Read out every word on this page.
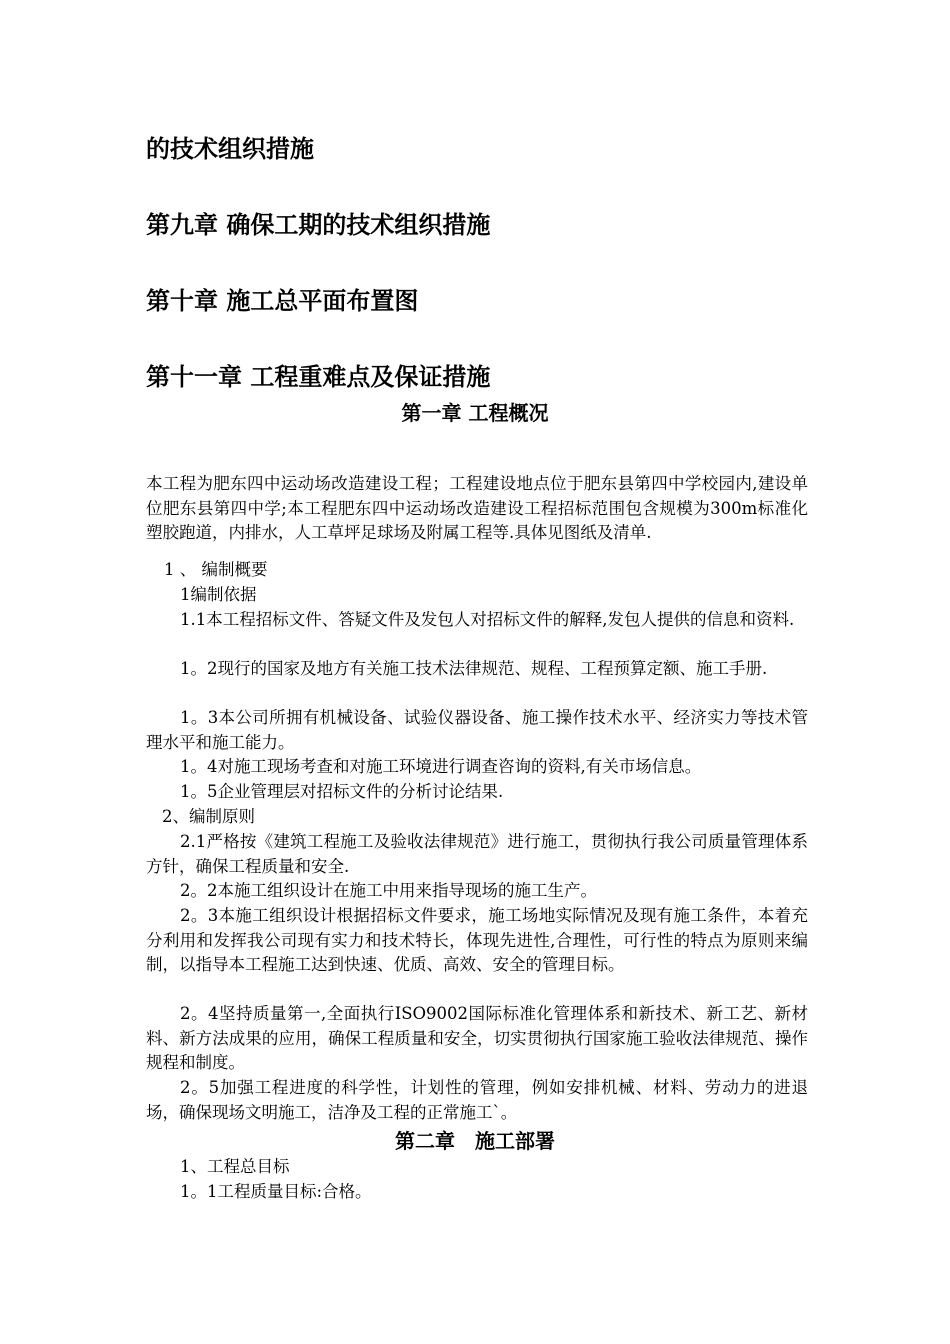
的技术组织措施
第九章 确保工期的技术组织措施
第十章 施工总平面布置图
第十一章 工程重难点及保证措施
第一章 工程概况
本工程为肥东四中运动场改造建设工程；工程建设地点位于肥东县第四中学校园内,建设单位肥东县第四中学;本工程肥东四中运动场改造建设工程招标范围包含规模为300m标准化塑胶跑道，内排水，人工草坪足球场及附属工程等.具体见图纸及清单.
1 、 编制概要
1编制依据
1.1本工程招标文件、答疑文件及发包人对招标文件的解释,发包人提供的信息和资料.
1。2现行的国家及地方有关施工技术法律规范、规程、工程预算定额、施工手册.
1。3本公司所拥有机械设备、试验仪器设备、施工操作技术水平、经济实力等技术管理水平和施工能力。
1。4对施工现场考查和对施工环境进行调查咨询的资料,有关市场信息。
1。5企业管理层对招标文件的分析讨论结果.
2、编制原则
2.1严格按《建筑工程施工及验收法律规范》进行施工，贯彻执行我公司质量管理体系方针，确保工程质量和安全.
2。2本施工组织设计在施工中用来指导现场的施工生产。
2。3本施工组织设计根据招标文件要求，施工场地实际情况及现有施工条件，本着充分利用和发挥我公司现有实力和技术特长，体现先进性,合理性，可行性的特点为原则来编制，以指导本工程施工达到快速、优质、高效、安全的管理目标。
2。4坚持质量第一,全面执行ISO9002国际标准化管理体系和新技术、新工艺、新材料、新方法成果的应用，确保工程质量和安全，切实贯彻执行国家施工验收法律规范、操作规程和制度。
2。5加强工程进度的科学性，计划性的管理，例如安排机械、材料、劳动力的进退场，确保现场文明施工，洁净及工程的正常施工`。
第二章　施工部署
1、工程总目标
1。1工程质量目标:合格。
